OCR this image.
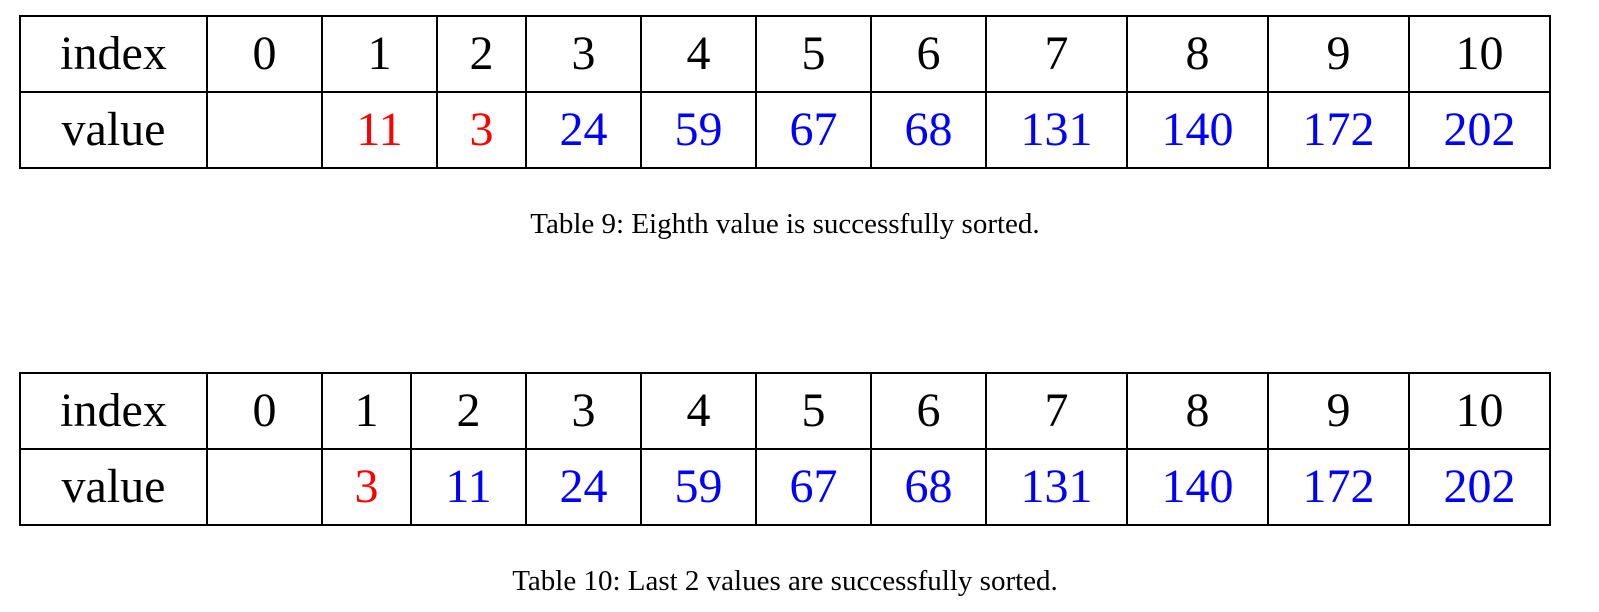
index	0	1	2	3	4	5	6	7	8	9	10
value		11	3	24	59	67	68	131	140	172	202
Table 9: Eighth value is successfully sorted.
index	0	1	2	3	4	5	6	7	8	9	10
value		3	11	24	59	67	68	131	140	172	202
Table 10: Last 2 values are successfully sorted.
